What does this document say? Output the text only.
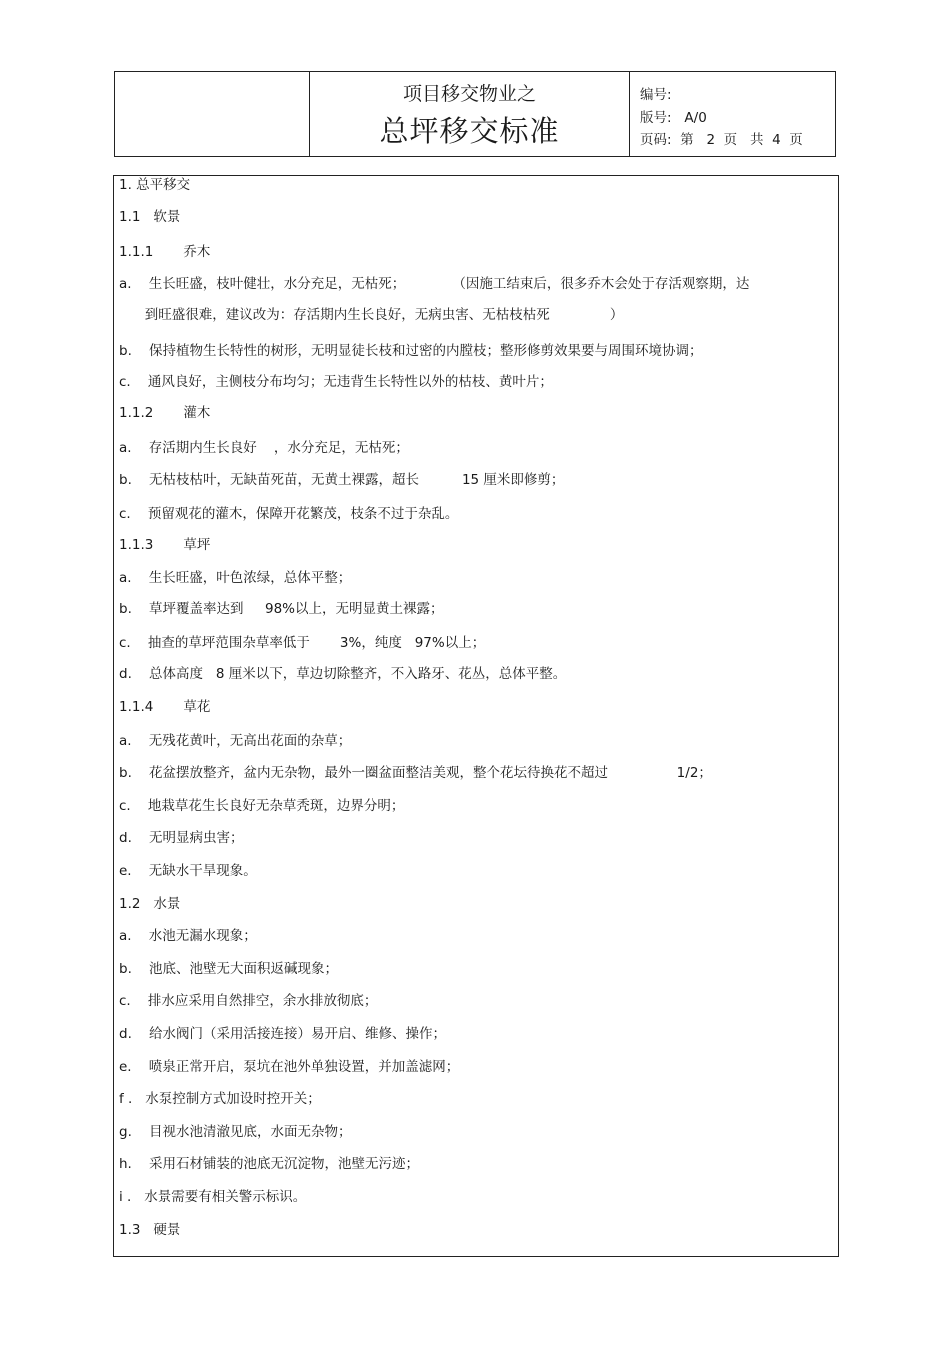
项目移交物业之
总坪移交标准
编号:
版号:   A/0
页码:  第   2  页   共  4  页
1. 总平移交
1.1   软景
1.1.1       乔木
a.    生长旺盛，枝叶健壮，水分充足，无枯死；           （因施工结束后，很多乔木会处于存活观察期，达
到旺盛很难，建议改为：存活期内生长良好，无病虫害、无枯枝枯死              ）
b.    保持植物生长特性的树形，无明显徒长枝和过密的内膛枝；整形修剪效果要与周围环境协调；
c.    通风良好，主侧枝分布均匀；无违背生长特性以外的枯枝、黄叶片；
1.1.2       灌木
a.    存活期内生长良好    ，水分充足，无枯死；
b.    无枯枝枯叶，无缺苗死苗，无黄土裸露，超长          15 厘米即修剪；
c.    预留观花的灌木，保障开花繁茂，枝条不过于杂乱。
1.1.3       草坪
a.    生长旺盛，叶色浓绿，总体平整；
b.    草坪覆盖率达到     98%以上，无明显黄土裸露；
c.    抽查的草坪范围杂草率低于       3%，纯度   97%以上；
d.    总体高度   8 厘米以下，草边切除整齐，不入路牙、花丛，总体平整。
1.1.4       草花
a.    无残花黄叶，无高出花面的杂草；
b.    花盆摆放整齐，盆内无杂物，最外一圈盆面整洁美观，整个花坛待换花不超过                1/2；
c.    地栽草花生长良好无杂草秃斑，边界分明；
d.    无明显病虫害；
e.    无缺水干旱现象。
1.2   水景
a.    水池无漏水现象；
b.    池底、池壁无大面积返碱现象；
c.    排水应采用自然排空，余水排放彻底；
d.    给水阀门（采用活接连接）易开启、维修、操作；
e.    喷泉正常开启，泵坑在池外单独设置，并加盖滤网；
f .   水泵控制方式加设时控开关；
g.    目视水池清澈见底，水面无杂物；
h.    采用石材铺装的池底无沉淀物，池壁无污迹；
i .   水景需要有相关警示标识。
1.3   硬景
